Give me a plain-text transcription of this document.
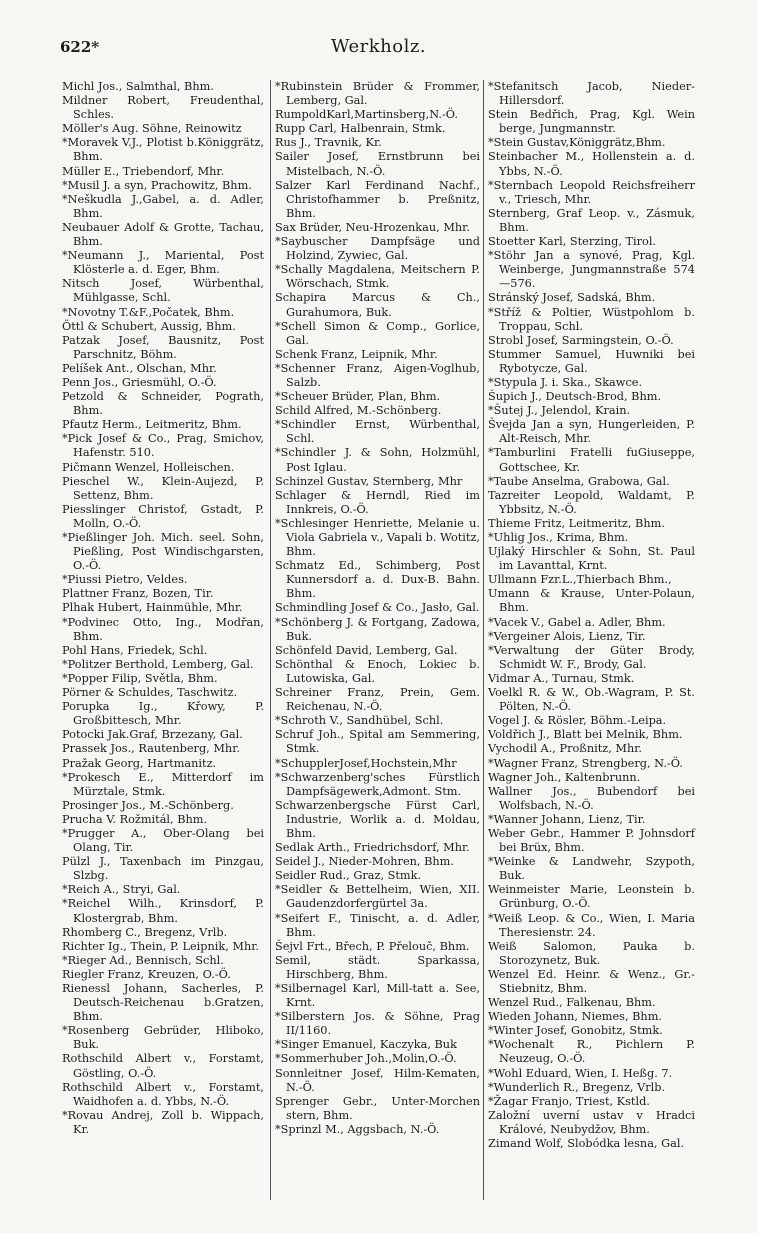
622*	Werkholz.
Michl Jos., Salmthal, Bhm.
Mildner Robert, Freudenthal, Schles.
Möller's Aug. Söhne, Reinowitz
*Moravek V.J., Plotist b.Königgrätz, Bhm.
Müller E., Triebendorf, Mhr.
*Musil J. a syn, Prachowitz, Bhm.
*Neškudla J.,Gabel, a. d. Adler, Bhm.
Neubauer Adolf & Grotte, Tachau, Bhm.
*Neumann J., Mariental, Post Klösterle a. d. Eger, Bhm.
Nitsch Josef, Würbenthal, Mühlgasse, Schl.
*Novotny T.&F.,Počatek, Bhm.
Öttl & Schubert, Aussig, Bhm.
Patzak Josef, Bausnitz, Post Parschnitz, Böhm.
Pelíšek Ant., Olschan, Mhr.
Penn Jos., Griesmühl, O.-Ö.
Petzold & Schneider, Pograth, Bhm.
Pfautz Herm., Leitmeritz, Bhm.
*Pick Josef & Co., Prag, Smichov, Hafenstr. 510.
Pičmann Wenzel, Holleischen.
Pieschel W., Klein-Aujezd, P. Settenz, Bhm.
Piesslinger Christof, Gstadt, P. Molln, O.-Ö.
*Pießlinger Joh. Mich. seel. Sohn, Pießling, Post Windischgarsten, O.-Ö.
*Piussi Pietro, Veldes.
Plattner Franz, Bozen, Tir.
Plhak Hubert, Hainmühle, Mhr.
*Podvinec Otto, Ing., Modřan, Bhm.
Pohl Hans, Friedek, Schl.
*Politzer Berthold, Lemberg, Gal.
*Popper Filip, Světla, Bhm.
Pörner & Schuldes, Taschwitz.
Porupka Ig., Křowy, P. Großbittesch, Mhr.
Potocki Jak.Graf, Brzezany, Gal.
Prassek Jos., Rautenberg, Mhr.
Pražak Georg, Hartmanitz.
*Prokesch E., Mitterdorf im Mürztale, Stmk.
Prosinger Jos., M.-Schönberg.
Prucha V. Rožmitál, Bhm.
*Prugger A., Ober-Olang bei Olang, Tir.
Pülzl J., Taxenbach im Pinzgau, Slzbg.
*Reich A., Stryi, Gal.
*Reichel Wilh., Krinsdorf, P. Klostergrab, Bhm.
Rhomberg C., Bregenz, Vrlb.
Richter Ig., Thein, P. Leipnik, Mhr.
*Rieger Ad., Bennisch, Schl.
Riegler Franz, Kreuzen, O.-Ö.
Rienessl Johann, Sacherles, P. Deutsch-Reichenau b.Gratzen, Bhm.
*Rosenberg Gebrüder, Hliboko, Buk.
Rothschild Albert v., Forstamt, Göstling, O.-Ö.
Rothschild Albert v., Forstamt, Waidhofen a. d. Ybbs, N.-Ö.
*Rovau Andrej, Zoll b. Wippach, Kr.
*Rubinstein Brüder & Frommer, Lemberg, Gal.
RumpoldKarl,Martinsberg,N.-Ö.
Rupp Carl, Halbenrain, Stmk.
Rus J., Travnik, Kr.
Sailer Josef, Ernstbrunn bei Mistelbach, N.-Ö.
Salzer Karl Ferdinand Nachf., Christofhammer b. Preßnitz, Bhm.
Sax Brüder, Neu-Hrozenkau, Mhr.
*Saybuscher Dampfsäge und Holzind, Zywiec, Gal.
*Schally Magdalena, Meitschern P. Wörschach, Stmk.
Schapira Marcus & Ch., Gurahumora, Buk.
*Schell Simon & Comp., Gorlice, Gal.
Schenk Franz, Leipnik, Mhr.
*Schenner Franz, Aigen-Voglhub, Salzb.
*Scheuer Brüder, Plan, Bhm.
Schild Alfred, M.-Schönberg.
*Schindler Ernst, Würbenthal, Schl.
*Schindler J. & Sohn, Holzmühl, Post Iglau.
Schinzel Gustav, Sternberg, Mhr
Schlager & Herndl, Ried im Innkreis, O.-Ö.
*Schlesinger Henriette, Melanie u. Viola Gabriela v., Vapali b. Wotitz, Bhm.
Schmatz Ed., Schimberg, Post Kunnersdorf a. d. Dux-B. Bahn. Bhm.
Schmindling Josef & Co., Jasło, Gal.
*Schönberg J. & Fortgang, Zadowa, Buk.
Schönfeld David, Lemberg, Gal.
Schönthal & Enoch, Lokiec b. Lutowiska, Gal.
Schreiner Franz, Prein, Gem. Reichenau, N.-Ö.
*Schroth V., Sandhübel, Schl.
Schruf Joh., Spital am Semmering, Stmk.
*SchupplerJosef,Hochstein,Mhr
*Schwarzenberg'sches Fürstlich Dampfsägewerk,Admont. Stm.
Schwarzenbergsche Fürst Carl, Industrie, Worlik a. d. Moldau, Bhm.
Sedlak Arth., Friedrichsdorf, Mhr.
Seidel J., Nieder-Mohren, Bhm.
Seidler Rud., Graz, Stmk.
*Seidler & Bettelheim, Wien, XII. Gaudenzdorfergürtel 3a.
*Seifert F., Tinischt, a. d. Adler, Bhm.
Šejvl Frt., Břech, P. Přelouč, Bhm.
Semil, städt. Sparkassa, Hirschberg, Bhm.
*Silbernagel Karl, Mill-tatt a. See, Krnt.
*Silberstern Jos. & Söhne, Prag II/1160.
*Singer Emanuel, Kaczyka, Buk
*Sommerhuber Joh.,Molin,O.-Ö.
Sonnleitner Josef, Hilm-Kematen, N.-Ö.
Sprenger Gebr., Unter-Morchen stern, Bhm.
*Sprinzl M., Aggsbach, N.-Ö.
*Stefanitsch Jacob, Nieder-Hillersdorf.
Stein Bedřich, Prag, Kgl. Wein berge, Jungmannstr.
*Stein Gustav,Königgrätz,Bhm.
Steinbacher M., Hollenstein a. d. Ybbs, N.-Ö.
*Sternbach Leopold Reichsfreiherr v., Triesch, Mhr.
Sternberg, Graf Leop. v., Zásmuk, Bhm.
Stoetter Karl, Sterzing, Tirol.
*Stöhr Jan a synové, Prag, Kgl. Weinberge, Jungmannstraße 574—576.
Stránský Josef, Sadská, Bhm.
*Stříž & Poltier, Wüstpohlom b. Troppau, Schl.
Strobl Josef, Sarmingstein, O.-Ö.
Stummer Samuel, Huwniki bei Rybotycze, Gal.
*Stypula J. i. Ska., Skawce.
Šupich J., Deutsch-Brod, Bhm.
*Šutej J., Jelendol, Krain.
Švejda Jan a syn, Hungerleiden, P. Alt-Reisch, Mhr.
*Tamburlini Fratelli fuGiuseppe, Gottschee, Kr.
*Taube Anselma, Grabowa, Gal.
Tazreiter Leopold, Waldamt, P. Ybbsitz, N.-Ö.
Thieme Fritz, Leitmeritz, Bhm.
*Uhlig Jos., Krima, Bhm.
Ujlaký Hirschler & Sohn, St. Paul im Lavanttal, Krnt.
Ullmann Fzr.L.,Thierbach Bhm.,
Umann & Krause, Unter-Polaun, Bhm.
*Vacek V., Gabel a. Adler, Bhm.
*Vergeiner Alois, Lienz, Tir.
*Verwaltung der Güter Brody, Schmidt W. F., Brody, Gal.
Vidmar A., Turnau, Stmk.
Voelkl R. & W., Ob.-Wagram, P. St. Pölten, N.-Ö.
Vogel J. & Rösler, Böhm.-Leipa.
Voldřich J., Blatt bei Melnik, Bhm.
Vychodil A., Proßnitz, Mhr.
*Wagner Franz, Strengberg, N.-Ö.
Wagner Joh., Kaltenbrunn.
Wallner Jos., Bubendorf bei Wolfsbach, N.-Ö.
*Wanner Johann, Lienz, Tir.
Weber Gebr., Hammer P. Johnsdorf bei Brüx, Bhm.
*Weinke & Landwehr, Szypoth, Buk.
Weinmeister Marie, Leonstein b. Grünburg, O.-Ö.
*Weiß Leop. & Co., Wien, I. Maria Theresienstr. 24.
Weiß Salomon, Pauka b. Storozynetz, Buk.
Wenzel Ed. Heinr. & Wenz., Gr.-Stiebnitz, Bhm.
Wenzel Rud., Falkenau, Bhm.
Wieden Johann, Niemes, Bhm.
*Winter Josef, Gonobitz, Stmk.
*Wochenalt R., Pichlern P. Neuzeug, O.-Ö.
*Wohl Eduard, Wien, I. Heßg. 7.
*Wunderlich R., Bregenz, Vrlb.
*Žagar Franjo, Triest, Kstld.
Založní uverní ustav v Hradci Králové, Neubydžov, Bhm.
Zimand Wolf, Slobódka lesna, Gal.
